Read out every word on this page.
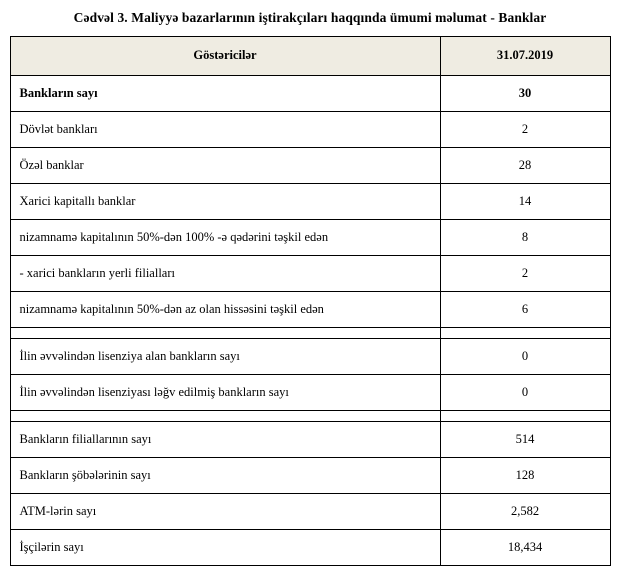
Cədvəl 3. Maliyyə bazarlarının iştirakçıları haqqında ümumi məlumat - Banklar
Göstəricilər	31.07.2019
Bankların sayı	30
Dövlət bankları	2
Özəl banklar	28
Xarici kapitallı banklar	14
nizamnamə kapitalının 50%-dən 100% -ə qədərini təşkil edən	8
- xarici bankların yerli filialları	2
nizamnamə kapitalının 50%-dən az olan hissəsini təşkil edən	6

İlin əvvəlindən lisenziya alan bankların sayı	0
İlin əvvəlindən lisenziyası ləğv edilmiş bankların sayı	0

Bankların filiallarının sayı	514
Bankların şöbələrinin sayı	128
ATM-lərin sayı	2,582
İşçilərin sayı	18,434
